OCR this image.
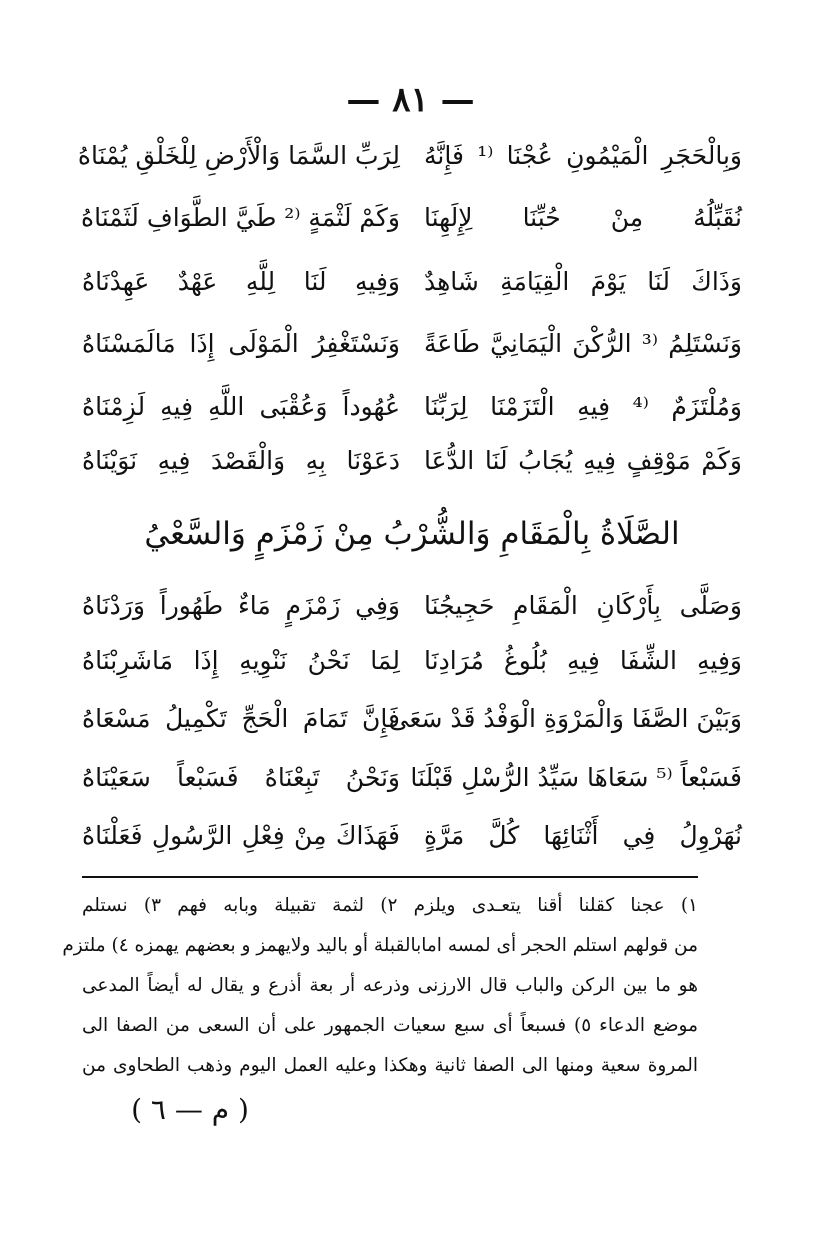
— ٨١ —
وَبِالْحَجَرِ الْمَيْمُونِ عُجْنَا ⁽¹ فَإِنَّهُ
لِرَبِّ السَّمَا وَالْأَرْضِ لِلْخَلْقِ يُمْنَاهُ
نُقَبِّلُهُ مِنْ حُبِّنَا لِإِلَهِنَا
وَكَمْ لَثْمَةٍ ⁽² طَيَّ الطَّوَافِ لَثَمْنَاهُ
وَذَاكَ لَنَا يَوْمَ الْقِيَامَةِ شَاهِدٌ
وَفِيهِ لَنَا لِلَّهِ عَهْدٌ عَهِدْنَاهُ
وَنَسْتَلِمُ ⁽³ الرُّكْنَ الْيَمَانِيَّ طَاعَةً
وَنَسْتَغْفِرُ الْمَوْلَى إِذَا مَالَمَسْنَاهُ
وَمُلْتَزَمٌ ⁽⁴ فِيهِ الْتَزَمْنَا لِرَبِّنَا
عُهُوداً وَعُقْبَى اللَّهِ فِيهِ لَزِمْنَاهُ
وَكَمْ مَوْقِفٍ فِيهِ يُجَابُ لَنَا الدُّعَا
دَعَوْنَا بِهِ وَالْقَصْدَ فِيهِ نَوَيْنَاهُ
الصَّلَاةُ بِالْمَقَامِ وَالشُّرْبُ مِنْ زَمْزَمٍ وَالسَّعْيُ
وَصَلَّى بِأَرْكَانِ الْمَقَامِ حَجِيجُنَا
وَفِي زَمْزَمٍ مَاءٌ طَهُوراً وَرَدْنَاهُ
وَفِيهِ الشِّفَا فِيهِ بُلُوغُ مُرَادِنَا
لِمَا نَحْنُ نَنْوِيهِ إِذَا مَاشَرِبْنَاهُ
وَبَيْنَ الصَّفَا وَالْمَرْوَةِ الْوَفْدُ قَدْ سَعَى
فَإِنَّ تَمَامَ الْحَجِّ تَكْمِيلُ مَسْعَاهُ
فَسَبْعاً ⁽⁵ سَعَاهَا سَيِّدُ الرُّسْلِ قَبْلَنَا
وَنَحْنُ تَبِعْنَاهُ فَسَبْعاً سَعَيْنَاهُ
نُهَرْوِلُ فِي أَثْنَائِهَا كُلَّ مَرَّةٍ
فَهَذَاكَ مِنْ فِعْلِ الرَّسُولِ فَعَلْنَاهُ
١) عجنا كقلنا أقنا يتعـدى ويلزم ٢) لثمة تقبيلة وبابه فهم ٣) نستلم
من قولهم استلم الحجر أى لمسه امابالقبلة أو باليد ولايهمز و بعضهم يهمزه ٤) ملتزم
هو ما بين الركن والباب قال الارزنى وذرعه أر بعة أذرع و يقال له أيضاً المدعى
موضع الدعاء ٥) فسبعاً أى سبع سعيات الجمهور على أن السعى من الصفا الى
المروة سعية ومنها الى الصفا ثانية وهكذا وعليه العمل اليوم وذهب الطحاوى من
( م — ٦ )
